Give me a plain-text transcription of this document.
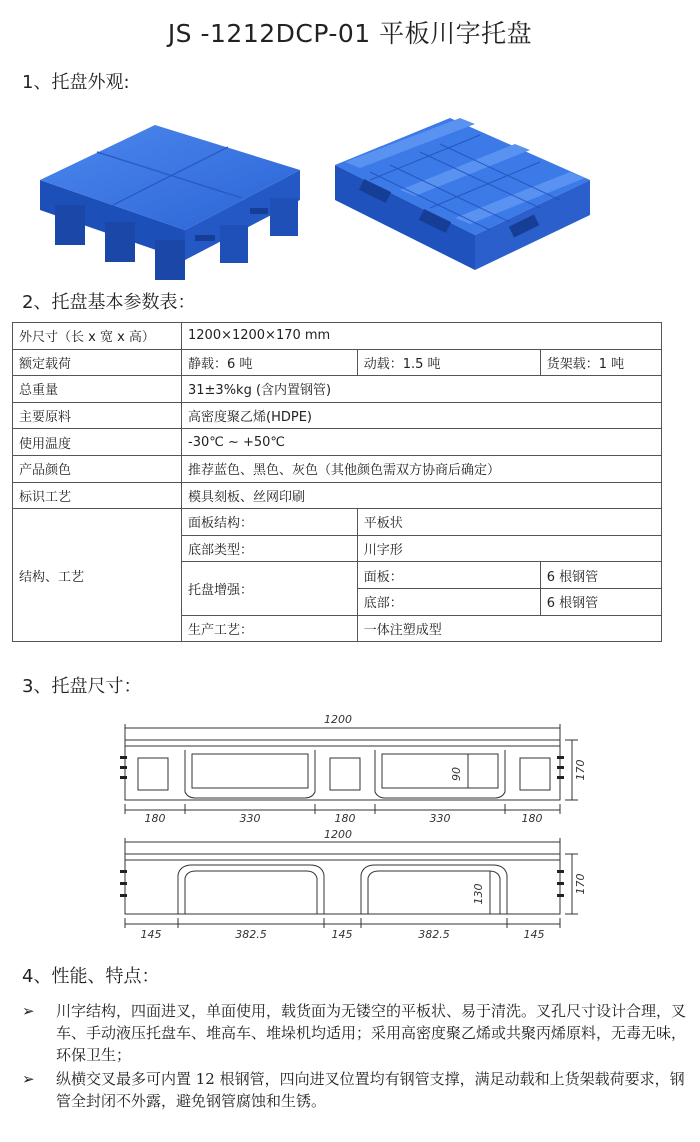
JS -1212DCP-01 平板川字托盘
1、托盘外观:
2、托盘基本参数表：
外尺寸（长 x 宽 x 高）	1200×1200×170 mm		
额定载荷	静载：6 吨	动载：1.5 吨	货架载：1 吨
总重量	31±3%kg (含内置钢管)		
主要原料	高密度聚乙烯(HDPE)		
使用温度	-30℃ ~ +50℃		
产品颜色	推荐蓝色、黑色、灰色（其他颜色需双方协商后确定）		
标识工艺	模具刻板、丝网印刷		
结构、工艺	面板结构：	平板状	
	底部类型：	川字形	
	托盘增强：	面板：	6 根钢管
		底部：	6 根钢管
	生产工艺：	一体注塑成型	
3、托盘尺寸：
1200
90	170
180	330	180	330	180
1200
130	170
145	382.5	145	382.5	145
4、性能、特点：
➢ 川字结构，四面进叉，单面使用，载货面为无镂空的平板状、易于清洗。叉孔尺寸设计合理，叉车、手动液压托盘车、堆高车、堆垛机均适用；采用高密度聚乙烯或共聚丙烯原料，无毒无味，环保卫生；
➢ 纵横交叉最多可内置 12 根钢管，四向进叉位置均有钢管支撑，满足动载和上货架载荷要求，钢管全封闭不外露，避免钢管腐蚀和生锈。
